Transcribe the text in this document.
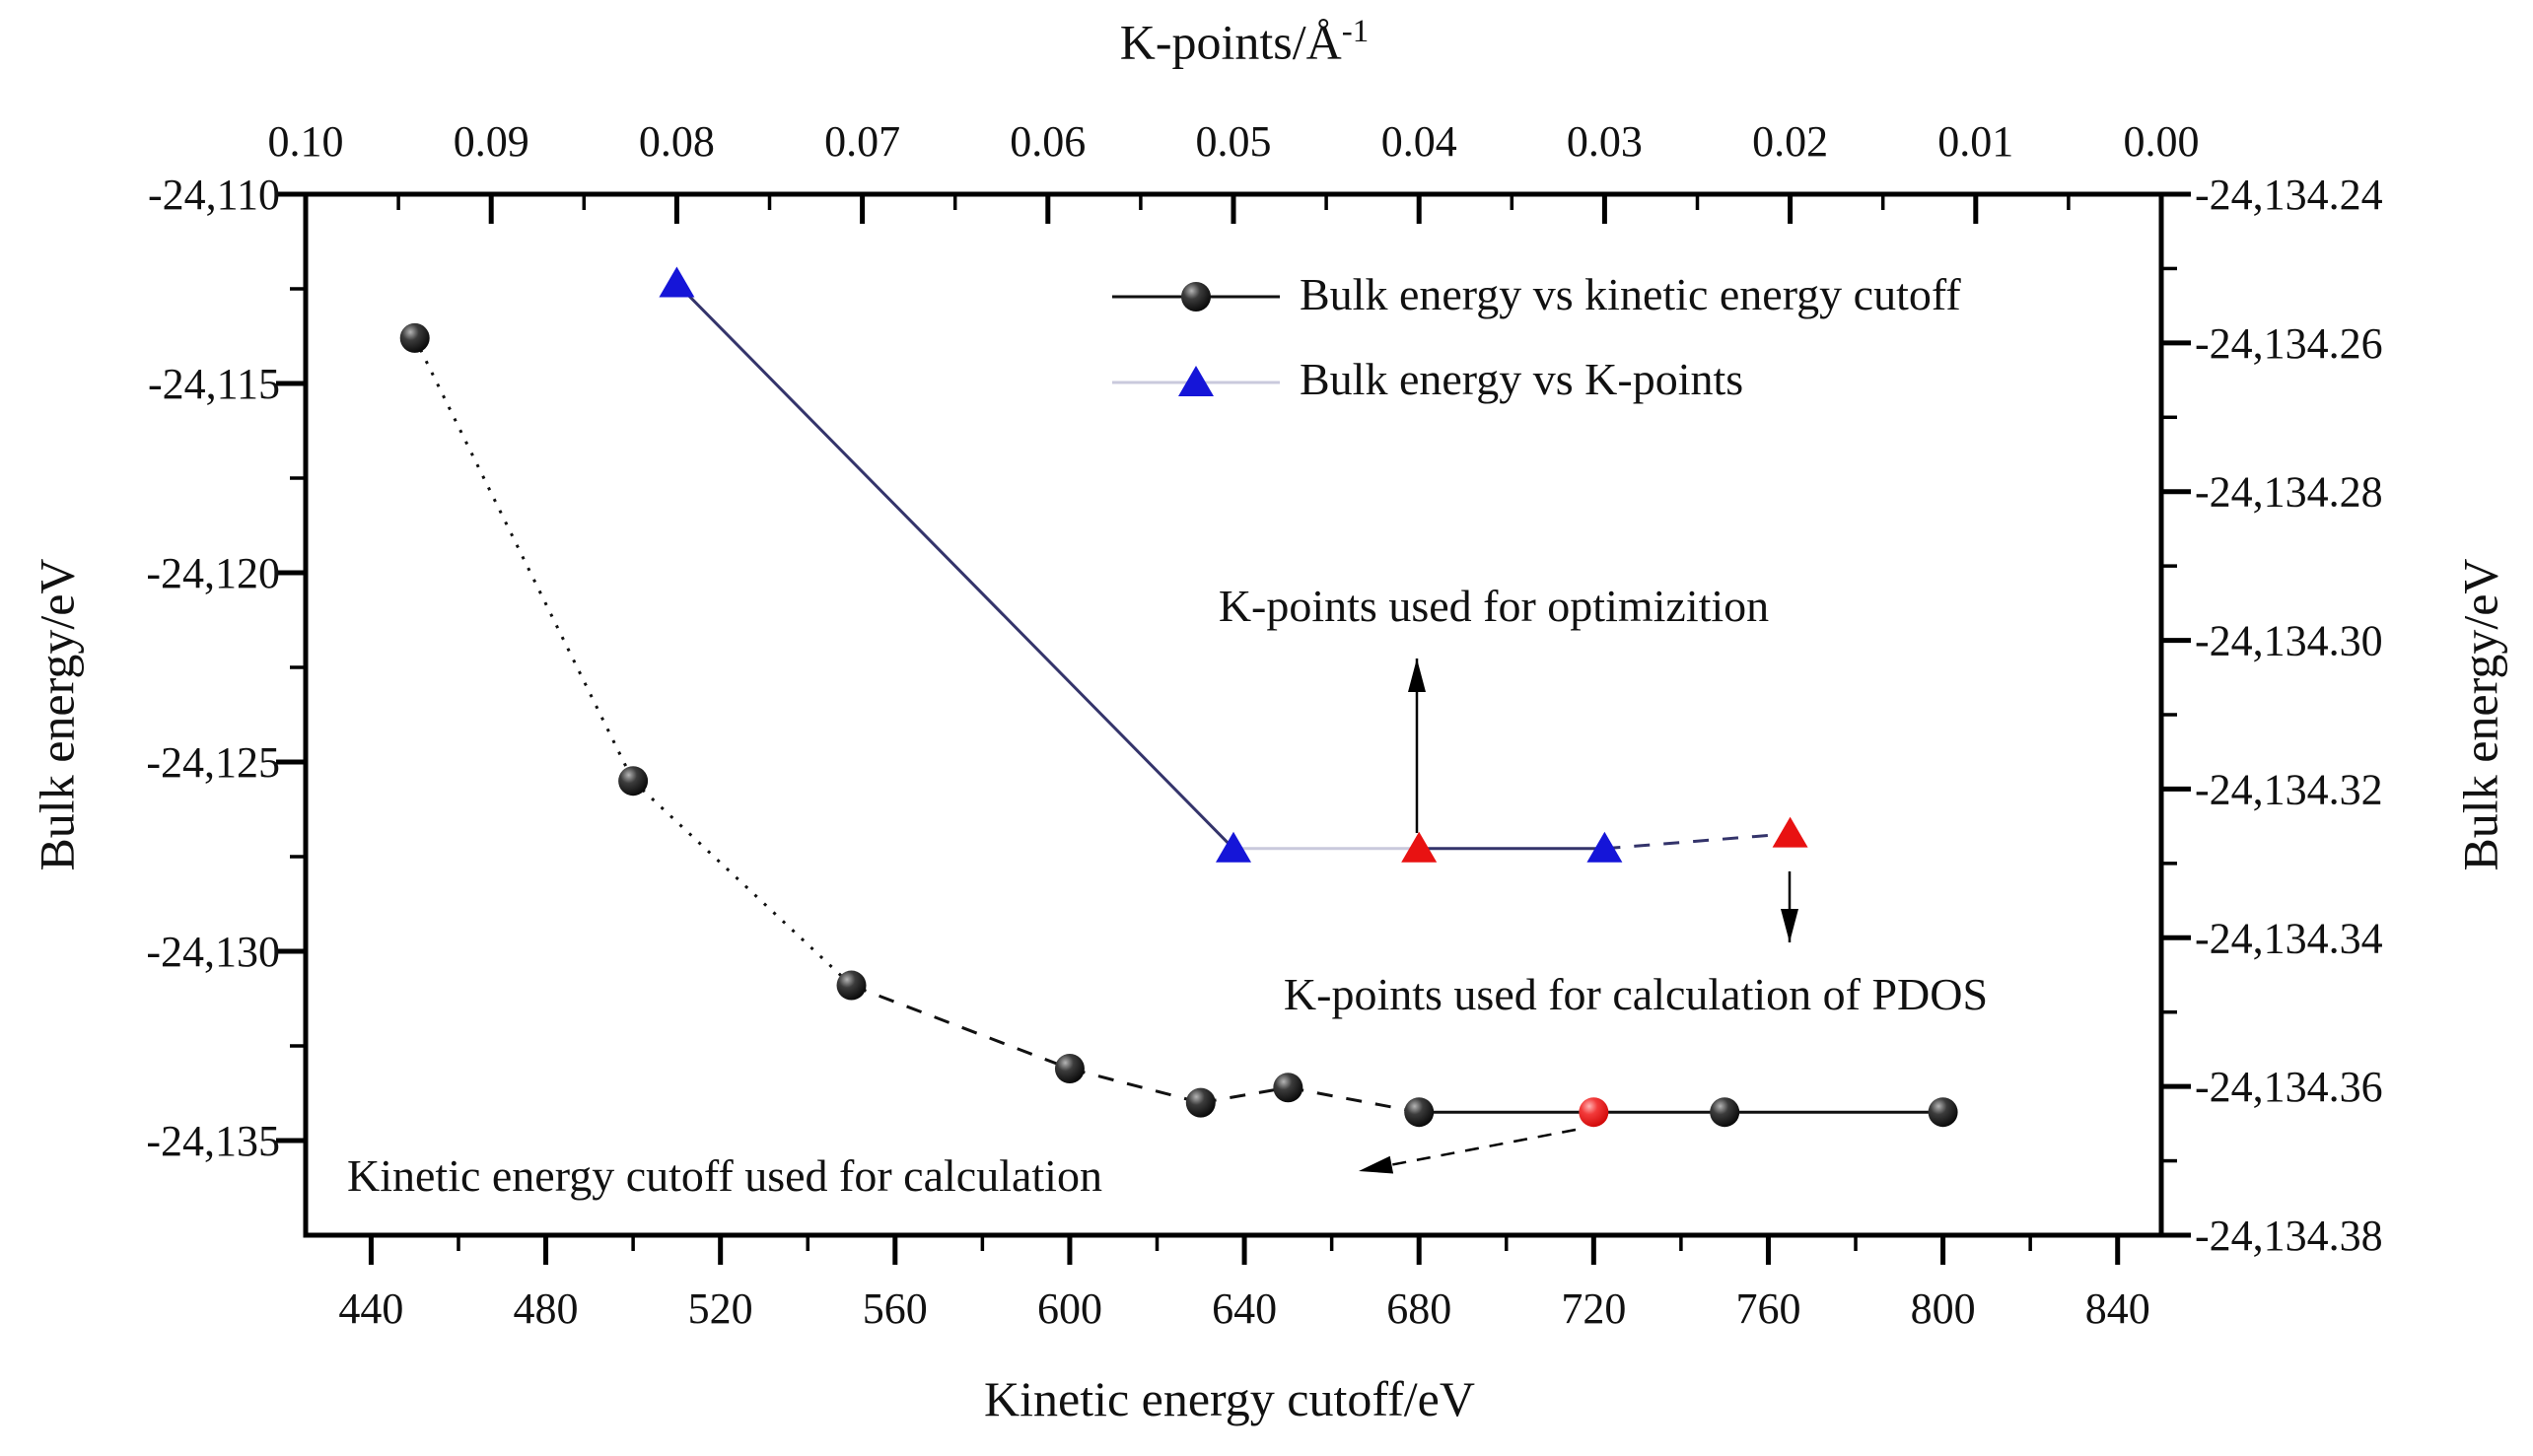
440	480	520	560	600	640	680	720	760	800	840
0.10	0.09	0.08	0.07	0.06	0.05	0.04	0.03	0.02	0.01	0.00
-24,110
-24,115
-24,120
-24,125
-24,130
-24,135
-24,134.24
-24,134.26
-24,134.28
-24,134.30
-24,134.32
-24,134.34
-24,134.36
-24,134.38
$K-points/Å^{-1}$
Kinetic energy cutoff/eV
Bulk energy/eV	Bulk energy/eV
Bulk energy vs kinetic energy cutoff
Bulk energy vs K-points
K-points used for optimizition
K-points used for calculation of PDOS
Kinetic energy cutoff used for calculation
